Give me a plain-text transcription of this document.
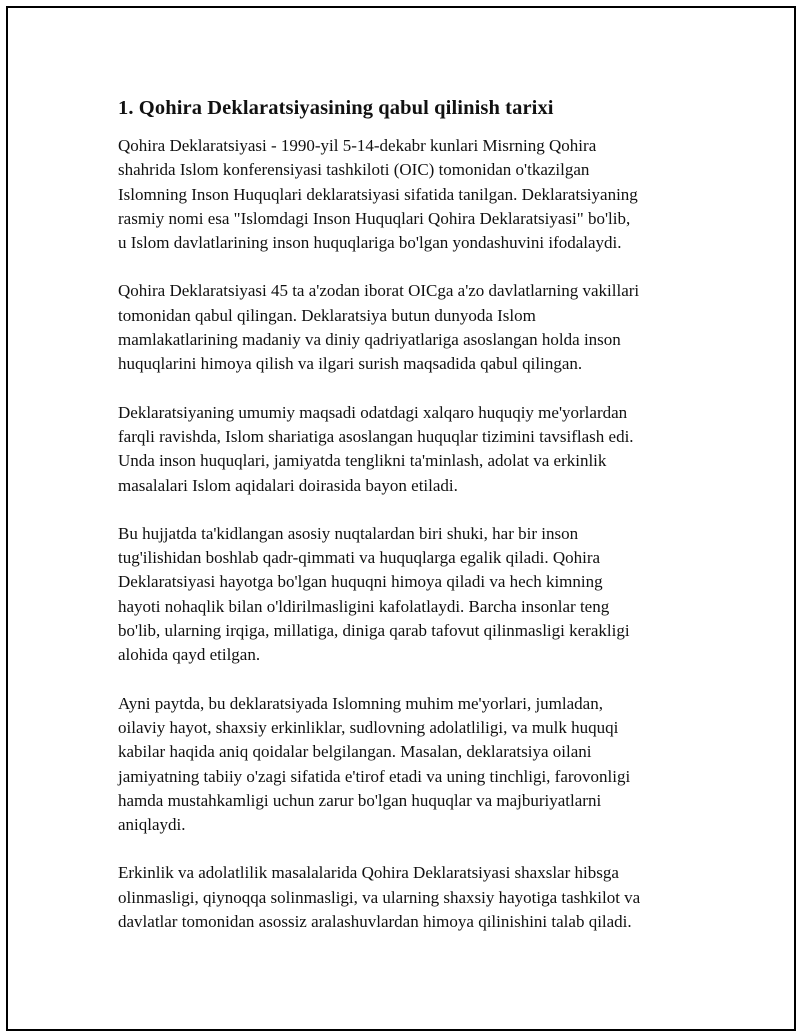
1. Qohira Deklaratsiyasining qabul qilinish tarixi

Qohira Deklaratsiyasi - 1990-yil 5-14-dekabr kunlari Misrning Qohira
shahrida Islom konferensiyasi tashkiloti (OIC) tomonidan o'tkazilgan
Islomning Inson Huquqlari deklaratsiyasi sifatida tanilgan. Deklaratsiyaning
rasmiy nomi esa "Islomdagi Inson Huquqlari Qohira Deklaratsiyasi" bo'lib,
u Islom davlatlarining inson huquqlariga bo'lgan yondashuvini ifodalaydi.

Qohira Deklaratsiyasi 45 ta a'zodan iborat OICga a'zo davlatlarning vakillari
tomonidan qabul qilingan. Deklaratsiya butun dunyoda Islom
mamlakatlarining madaniy va diniy qadriyatlariga asoslangan holda inson
huquqlarini himoya qilish va ilgari surish maqsadida qabul qilingan.

Deklaratsiyaning umumiy maqsadi odatdagi xalqaro huquqiy me'yorlardan
farqli ravishda, Islom shariatiga asoslangan huquqlar tizimini tavsiflash edi.
Unda inson huquqlari, jamiyatda tenglikni ta'minlash, adolat va erkinlik
masalalari Islom aqidalari doirasida bayon etiladi.

Bu hujjatda ta'kidlangan asosiy nuqtalardan biri shuki, har bir inson
tug'ilishidan boshlab qadr-qimmati va huquqlarga egalik qiladi. Qohira
Deklaratsiyasi hayotga bo'lgan huquqni himoya qiladi va hech kimning
hayoti nohaqlik bilan o'ldirilmasligini kafolatlaydi. Barcha insonlar teng
bo'lib, ularning irqiga, millatiga, diniga qarab tafovut qilinmasligi kerakligi
alohida qayd etilgan.

Ayni paytda, bu deklaratsiyada Islomning muhim me'yorlari, jumladan,
oilaviy hayot, shaxsiy erkinliklar, sudlovning adolatliligi, va mulk huquqi
kabilar haqida aniq qoidalar belgilangan. Masalan, deklaratsiya oilani
jamiyatning tabiiy o'zagi sifatida e'tirof etadi va uning tinchligi, farovonligi
hamda mustahkamligi uchun zarur bo'lgan huquqlar va majburiyatlarni
aniqlaydi.

Erkinlik va adolatlilik masalalarida Qohira Deklaratsiyasi shaxslar hibsga
olinmasligi, qiynoqqa solinmasligi, va ularning shaxsiy hayotiga tashkilot va
davlatlar tomonidan asossiz aralashuvlardan himoya qilinishini talab qiladi.
